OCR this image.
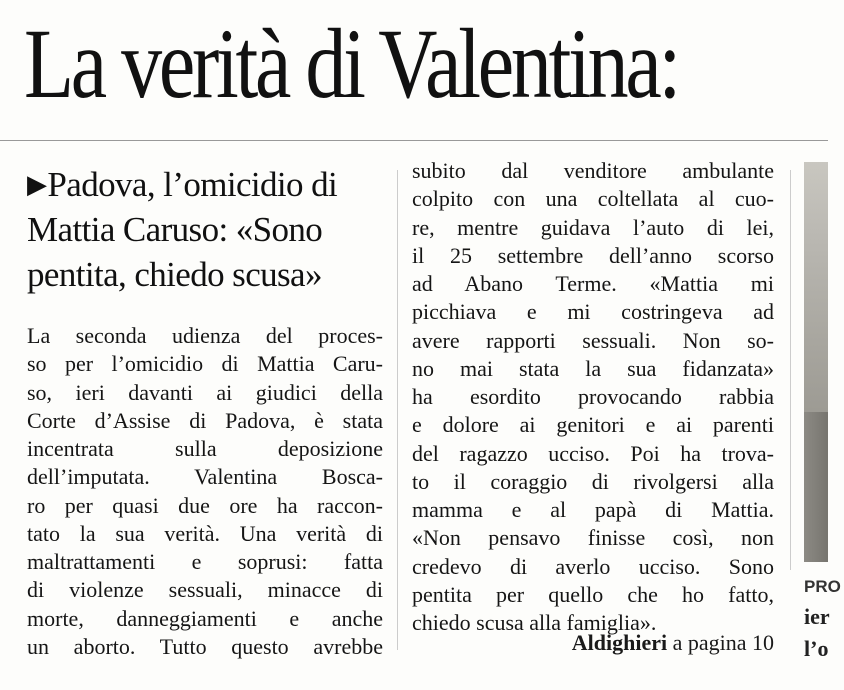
La verità di Valentina:
▶Padova, l’omicidio di
Mattia Caruso: «Sono
pentita, chiedo scusa»
La seconda udienza del proces-
so per l’omicidio di Mattia Caru-
so, ieri davanti ai giudici della
Corte d’Assise di Padova, è stata
incentrata sulla deposizione
dell’imputata. Valentina Bosca-
ro per quasi due ore ha raccon-
tato la sua verità. Una verità di
maltrattamenti e soprusi: fatta
di violenze sessuali, minacce di
morte, danneggiamenti e anche
un aborto. Tutto questo avrebbe
subito dal venditore ambulante
colpito con una coltellata al cuo-
re, mentre guidava l’auto di lei,
il 25 settembre dell’anno scorso
ad Abano Terme. «Mattia mi
picchiava e mi costringeva ad
avere rapporti sessuali. Non so-
no mai stata la sua fidanzata»
ha esordito provocando rabbia
e dolore ai genitori e ai parenti
del ragazzo ucciso. Poi ha trova-
to il coraggio di rivolgersi alla
mamma e al papà di Mattia.
«Non pensavo finisse così, non
credevo di averlo ucciso. Sono
pentita per quello che ho fatto,
chiedo scusa alla famiglia».

Aldighieri a pagina 10

PRO
ier
l’o
